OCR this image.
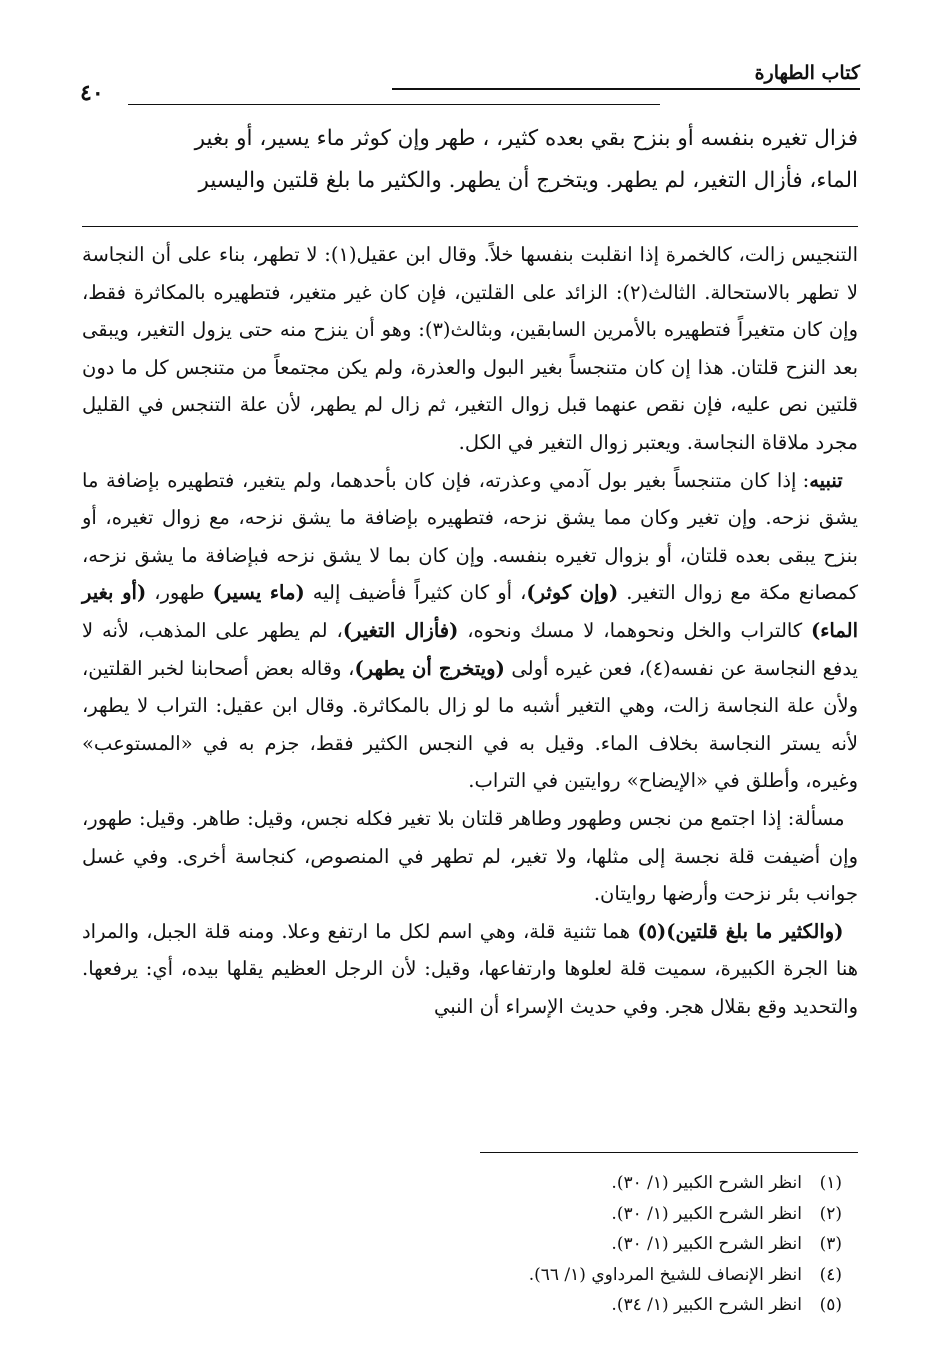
كتاب الطهارة
٤٠

فزال تغيره بنفسه أو بنزح بقي بعده كثير، ، طهر وإن كوثر ماء يسير، أو بغير

الماء، فأزال التغير، لم يطهر. ويتخرج أن يطهر. والكثير ما بلغ قلتين واليسير

التنجيس زالت، كالخمرة إذا انقلبت بنفسها خلاً. وقال ابن عقيل(١): لا تطهر، بناء على أن النجاسة لا تطهر بالاستحالة. الثالث(٢): الزائد على القلتين، فإن كان غير متغير، فتطهيره بالمكاثرة فقط، وإن كان متغيراً فتطهيره بالأمرين السابقين، وبثالث(٣): وهو أن ينزح منه حتى يزول التغير، ويبقى بعد النزح قلتان. هذا إن كان متنجساً بغير البول والعذرة، ولم يكن مجتمعاً من متنجس كل ما دون قلتين نص عليه، فإن نقص عنهما قبل زوال التغير، ثم زال لم يطهر، لأن علة التنجس في القليل مجرد ملاقاة النجاسة. ويعتبر زوال التغير في الكل.

تنبيه: إذا كان متنجساً بغير بول آدمي وعذرته، فإن كان بأحدهما، ولم يتغير، فتطهيره بإضافة ما يشق نزحه. وإن تغير وكان مما يشق نزحه، فتطهيره بإضافة ما يشق نزحه، مع زوال تغيره، أو بنزح يبقى بعده قلتان، أو بزوال تغيره بنفسه. وإن كان بما لا يشق نزحه فبإضافة ما يشق نزحه، كمصانع مكة مع زوال التغير. (وإن كوثر)، أو كان كثيراً فأضيف إليه (ماء يسير) طهور، (أو بغير الماء) كالتراب والخل ونحوهما، لا مسك ونحوه، (فأزال التغير)، لم يطهر على المذهب، لأنه لا يدفع النجاسة عن نفسه(٤)، فعن غيره أولى (ويتخرج أن يطهر)، وقاله بعض أصحابنا لخبر القلتين، ولأن علة النجاسة زالت، وهي التغير أشبه ما لو زال بالمكاثرة. وقال ابن عقيل: التراب لا يطهر، لأنه يستر النجاسة بخلاف الماء. وقيل به في النجس الكثير فقط، جزم به في «المستوعب» وغيره، وأطلق في «الإيضاح» روايتين في التراب.

مسألة: إذا اجتمع من نجس وطهور وطاهر قلتان بلا تغير فكله نجس، وقيل: طاهر. وقيل: طهور، وإن أضيفت قلة نجسة إلى مثلها، ولا تغير، لم تطهر في المنصوص، كنجاسة أخرى. وفي غسل جوانب بئر نزحت وأرضها روايتان.

(والكثير ما بلغ قلتين)(٥) هما تثنية قلة، وهي اسم لكل ما ارتفع وعلا. ومنه قلة الجبل، والمراد هنا الجرة الكبيرة، سميت قلة لعلوها وارتفاعها، وقيل: لأن الرجل العظيم يقلها بيده، أي: يرفعها. والتحديد وقع بقلال هجر. وفي حديث الإسراء أن النبي

(١)انظر الشرح الكبير (١/ ٣٠).
(٢)انظر الشرح الكبير (١/ ٣٠).
(٣)انظر الشرح الكبير (١/ ٣٠).
(٤)انظر الإنصاف للشيخ المرداوي (١/ ٦٦).
(٥)انظر الشرح الكبير (١/ ٣٤).
